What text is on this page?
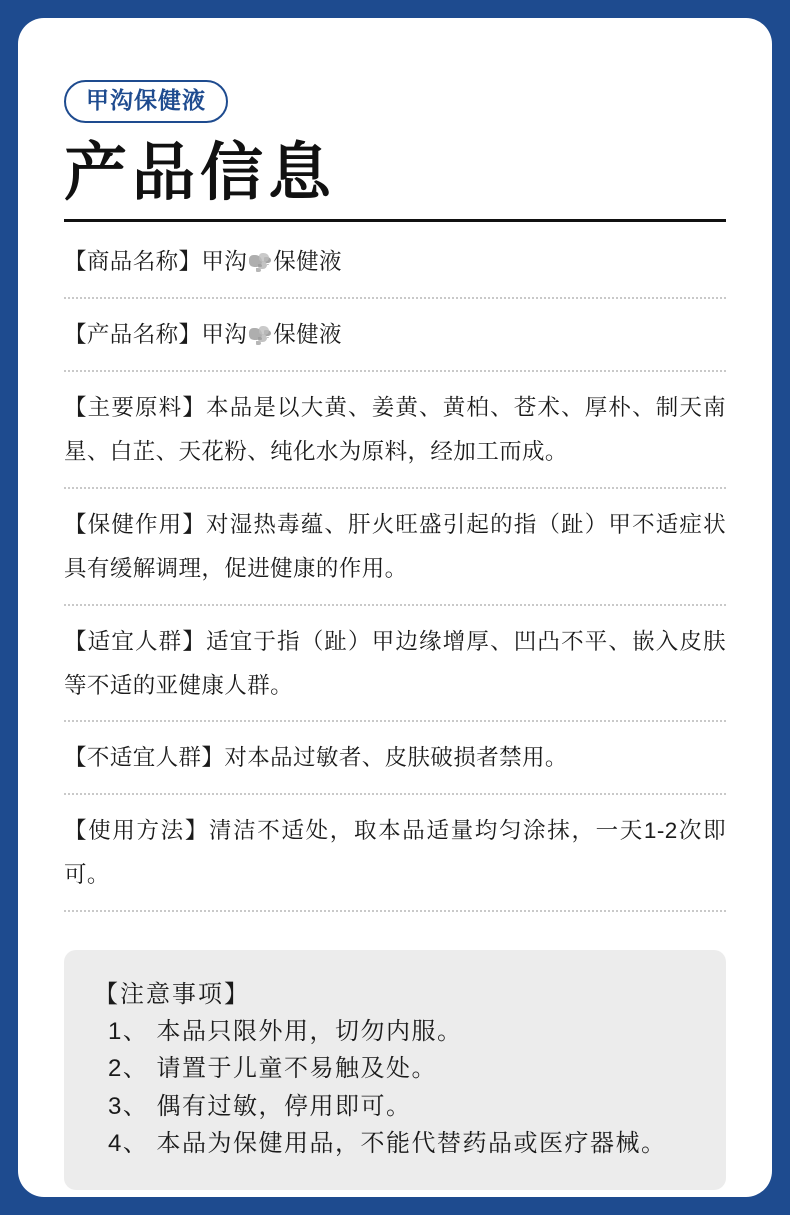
甲沟保健液
产品信息
【商品名称】甲沟 保健液
【产品名称】甲沟 保健液
【主要原料】本品是以大黄、姜黄、黄柏、苍术、厚朴、制天南星、白芷、天花粉、纯化水为原料，经加工而成。
【保健作用】对湿热毒蕴、肝火旺盛引起的指（趾）甲不适症状具有缓解调理，促进健康的作用。
【适宜人群】适宜于指（趾）甲边缘增厚、凹凸不平、嵌入皮肤等不适的亚健康人群。
【不适宜人群】对本品过敏者、皮肤破损者禁用。
【使用方法】清洁不适处，取本品适量均匀涂抹，一天1-2次即可。
【注意事项】
1、 本品只限外用，切勿内服。
2、 请置于儿童不易触及处。
3、 偶有过敏，停用即可。
4、 本品为保健用品，不能代替药品或医疗器械。
